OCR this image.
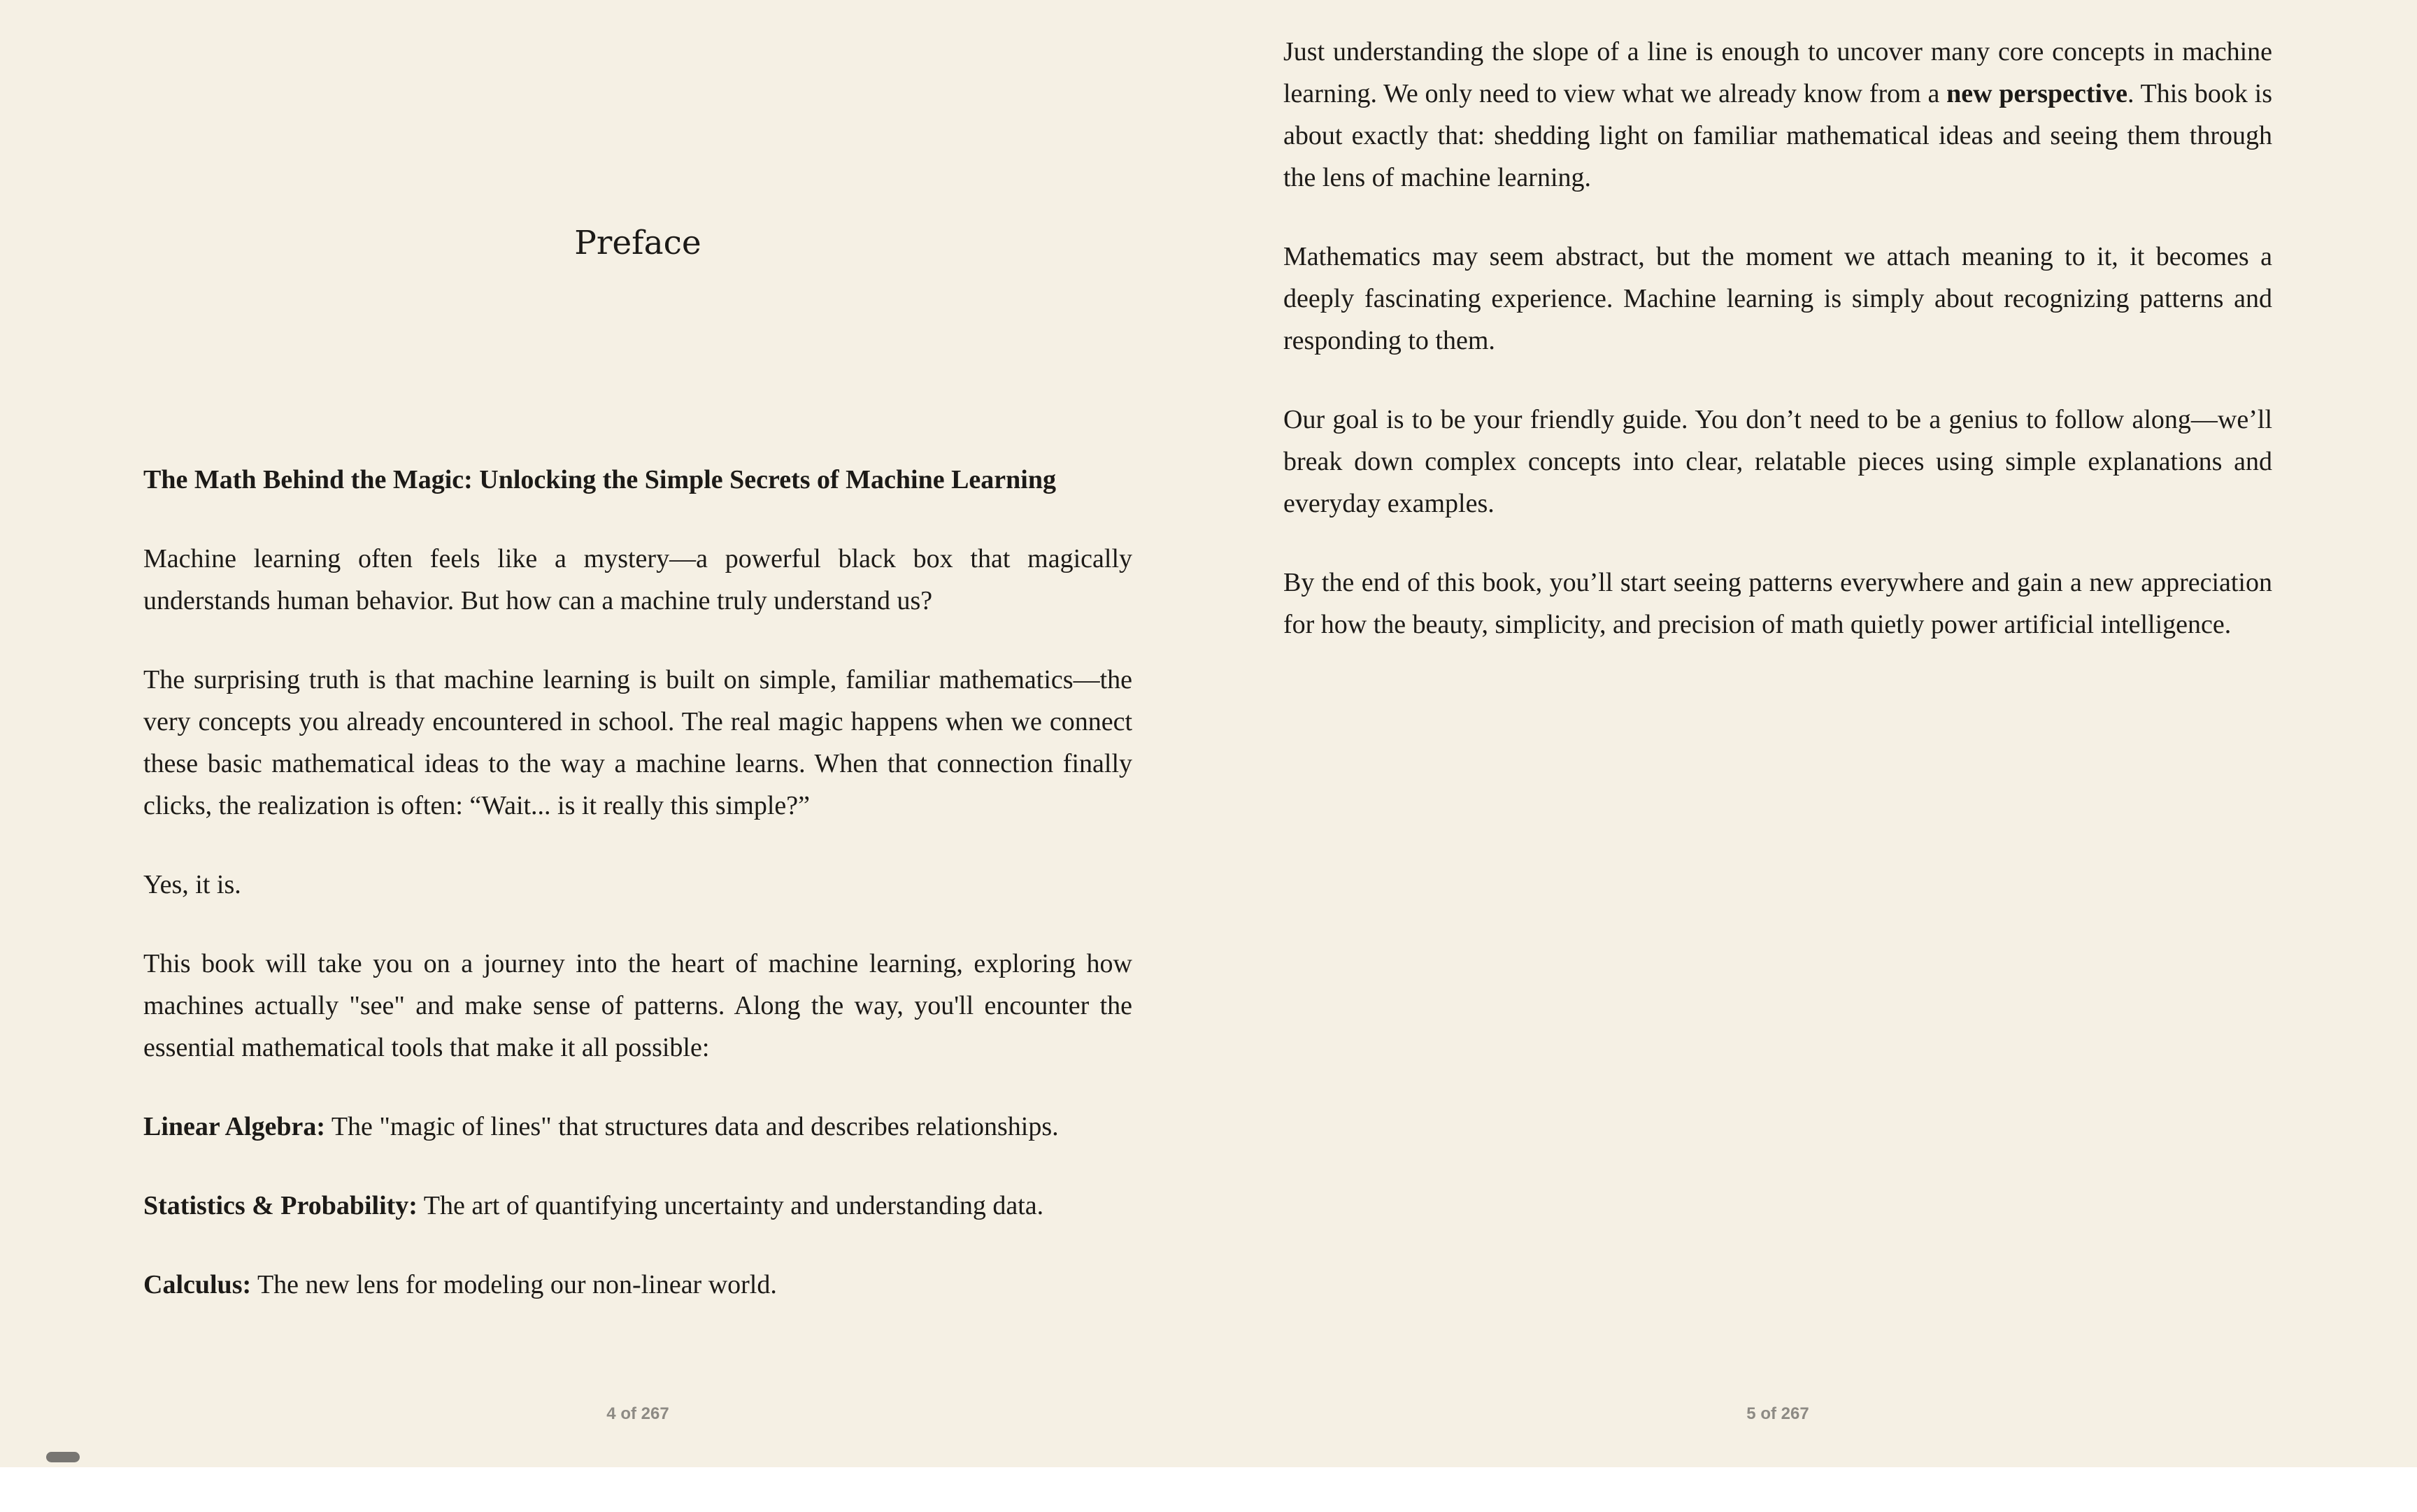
Preface

The Math Behind the Magic: Unlocking the Simple Secrets of Machine Learning

Machine learning often feels like a mystery—a powerful black box that magically understands human behavior. But how can a machine truly understand us?

The surprising truth is that machine learning is built on simple, familiar mathematics—the very concepts you already encountered in school. The real magic happens when we connect these basic mathematical ideas to the way a machine learns. When that connection finally clicks, the realization is often: “Wait... is it really this simple?”

Yes, it is.

This book will take you on a journey into the heart of machine learning, exploring how machines actually "see" and make sense of patterns. Along the way, you'll encounter the essential mathematical tools that make it all possible:

Linear Algebra: The "magic of lines" that structures data and describes relationships.

Statistics & Probability: The art of quantifying uncertainty and understanding data.

Calculus: The new lens for modeling our non-linear world.

Just understanding the slope of a line is enough to uncover many core concepts in machine learning. We only need to view what we already know from a new perspective. This book is about exactly that: shedding light on familiar mathematical ideas and seeing them through the lens of machine learning.

Mathematics may seem abstract, but the moment we attach meaning to it, it becomes a deeply fascinating experience. Machine learning is simply about recognizing patterns and responding to them.

Our goal is to be your friendly guide. You don’t need to be a genius to follow along—we’ll break down complex concepts into clear, relatable pieces using simple explanations and everyday examples.

By the end of this book, you’ll start seeing patterns everywhere and gain a new appreciation for how the beauty, simplicity, and precision of math quietly power artificial intelligence.

4 of 267	5 of 267
